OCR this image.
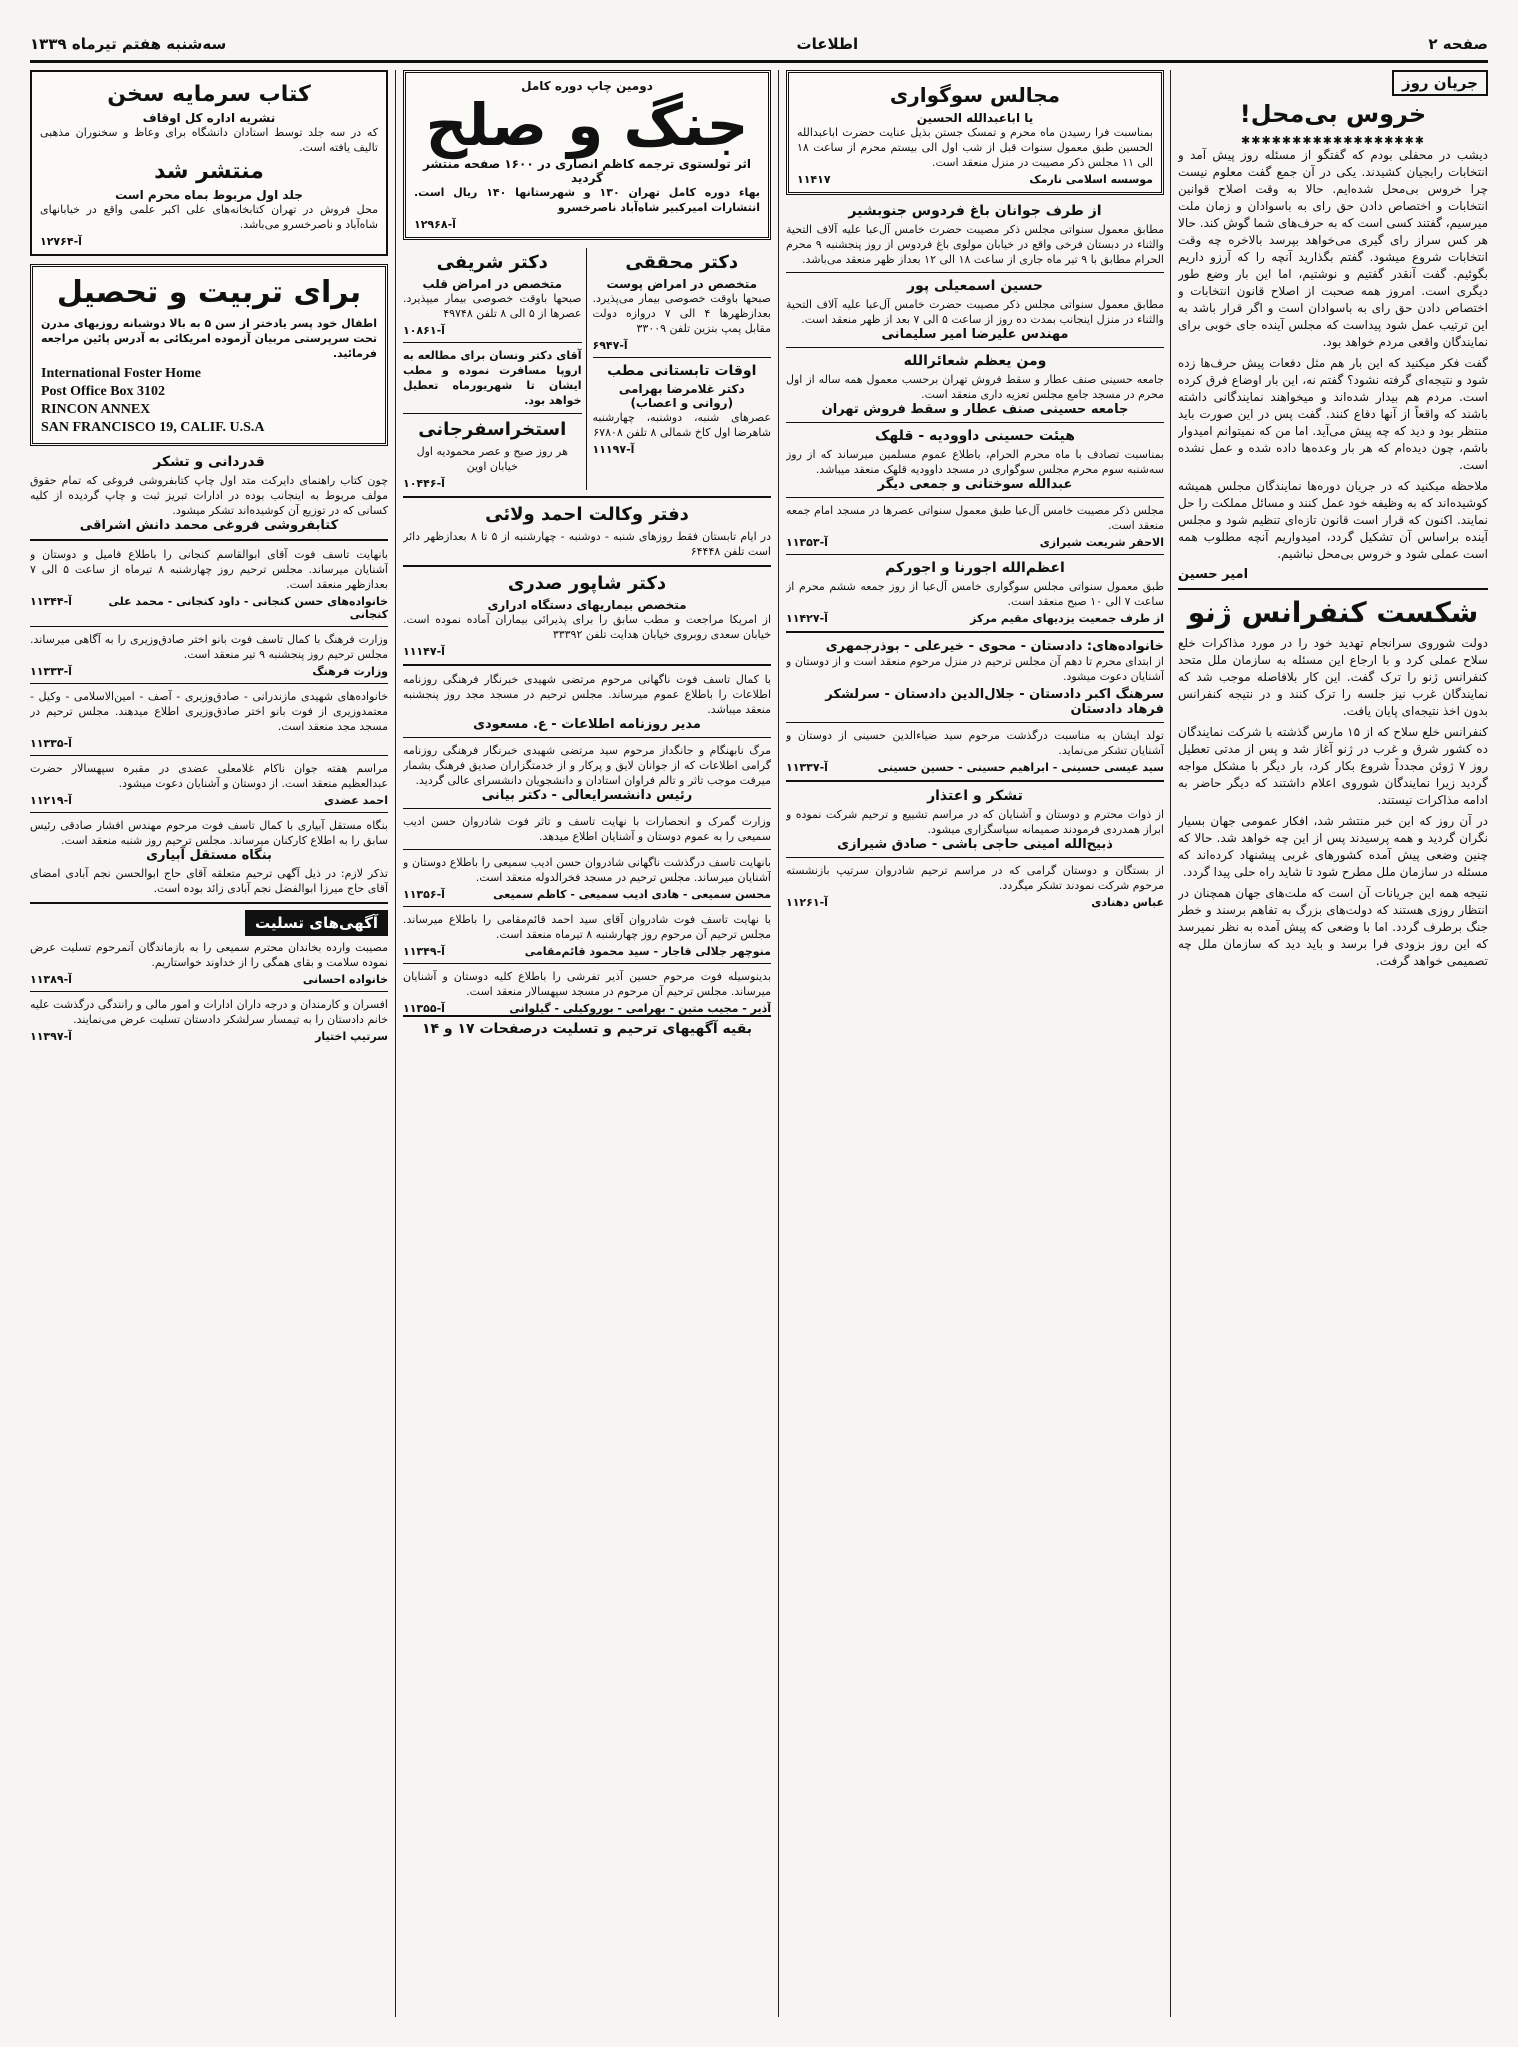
صفحه ۲
اطلاعات
سه‌شنبه هفتم تیرماه ۱۳۳۹
جریان روز
خروس بی‌محل!
✱✱✱✱✱✱✱✱✱✱✱✱✱✱✱✱✱✱
دیشب در محفلی بودم که گفتگو از مسئله روز پیش آمد و انتخابات رابجیان کشیدند. یکی در آن جمع گفت معلوم نیست چرا خروس بی‌محل شده‌ایم. حالا به وقت اصلاح قوانین انتخابات و اختصاص دادن حق رای به باسوادان و زمان ملت میرسیم، گفتند کسی است که به حرف‌های شما گوش کند. حالا هر کس سراز رای گیری می‌خواهد بپرسد بالاخره چه وقت انتخابات شروع میشود. گفتم بگذارید آنچه را که آرزو داریم بگوئیم. گفت آنقدر گفتیم و نوشتیم، اما این بار وضع طور دیگری است. امروز همه صحبت از اصلاح قانون انتخابات و اختصاص دادن حق رای به باسوادان است و اگر قرار باشد به این ترتیب عمل شود پیداست که مجلس آینده جای خوبی برای نمایندگان واقعی مردم خواهد بود.
گفت فکر میکنید که این بار هم مثل دفعات پیش حرف‌ها زده شود و نتیجه‌ای گرفته نشود؟ گفتم نه، این بار اوضاع فرق کرده است. مردم هم بیدار شده‌اند و میخواهند نمایندگانی داشته باشند که واقعاً از آنها دفاع کنند. گفت پس در این صورت باید منتظر بود و دید که چه پیش می‌آید. اما من که نمیتوانم امیدوار باشم، چون دیده‌ام که هر بار وعده‌ها داده شده و عمل نشده است.
ملاحظه میکنید که در جریان دوره‌ها نمایندگان مجلس همیشه کوشیده‌اند که به وظیفه خود عمل کنند و مسائل مملکت را حل نمایند. اکنون که قرار است قانون تازه‌ای تنظیم شود و مجلس آینده براساس آن تشکیل گردد، امیدواریم آنچه مطلوب همه است عملی شود و خروس بی‌محل نباشیم.
امیر حسین
شکست کنفرانس ژنو
دولت شوروی سرانجام تهدید خود را در مورد مذاکرات خلع سلاح عملی کرد و با ارجاع این مسئله به سازمان ملل متحد کنفرانس ژنو را ترک گفت. این کار بلافاصله موجب شد که نمایندگان غرب نیز جلسه را ترک کنند و در نتیجه کنفرانس بدون اخذ نتیجه‌ای پایان یافت.
کنفرانس خلع سلاح که از ۱۵ مارس گذشته با شرکت نمایندگان ده کشور شرق و غرب در ژنو آغاز شد و پس از مدتی تعطیل روز ۷ ژوئن مجدداً شروع بکار کرد، بار دیگر با مشکل مواجه گردید زیرا نمایندگان شوروی اعلام داشتند که دیگر حاضر به ادامه مذاکرات نیستند.
در آن روز که این خبر منتشر شد، افکار عمومی جهان بسیار نگران گردید و همه پرسیدند پس از این چه خواهد شد. حالا که چنین وضعی پیش آمده کشورهای غربی پیشنهاد کرده‌اند که مسئله در سازمان ملل مطرح شود تا شاید راه حلی پیدا گردد.
نتیجه همه این جریانات آن است که ملت‌های جهان همچنان در انتظار روزی هستند که دولت‌های بزرگ به تفاهم برسند و خطر جنگ برطرف گردد. اما با وضعی که پیش آمده به نظر نمیرسد که این روز بزودی فرا برسد و باید دید که سازمان ملل چه تصمیمی خواهد گرفت.
مجالس سوگواری
یا اباعبدالله الحسین
بمناسبت فرا رسیدن ماه محرم و تمسک جستن بذیل عنایت حضرت اباعبدالله الحسین طبق معمول سنوات قبل از شب اول الی بیستم محرم از ساعت ۱۸ الی ۱۱ مجلس ذکر مصیبت در منزل منعقد است.
موسسه اسلامی نارمک
۱۱۴۱۷
از طرف جوانان باغ فردوس جنوبشیر
مطابق معمول سنواتی مجلس ذکر مصیبت حضرت خامس آل‌عبا علیه آلاف التحیة والثناء در دبستان فرخی واقع در خیابان مولوی باغ فردوس از روز پنجشنبه ۹ محرم الحرام مطابق با ۹ تیر ماه جاری از ساعت ۱۸ الی ۱۲ بعداز ظهر منعقد می‌باشد.
حسین اسمعیلی پور
مطابق معمول سنواتی مجلس ذکر مصیبت حضرت خامس آل‌عبا علیه آلاف التحیة والثناء در منزل اینجانب بمدت ده روز از ساعت ۵ الی ۷ بعد از ظهر منعقد است.
مهندس علیرضا امیر سلیمانی
ومن یعظم شعائرالله
جامعه حسینی صنف عطار و سقط فروش تهران برحسب معمول همه ساله از اول محرم در مسجد جامع مجلس تعزیه داری منعقد است.
جامعه حسینی صنف عطار و سقط فروش تهران
هیئت حسینی داوودیه - قلهک
بمناسبت تصادف با ماه محرم الحرام، باطلاع عموم مسلمین میرساند که از روز سه‌شنبه سوم محرم مجلس سوگواری در مسجد داوودیه قلهک منعقد میباشد.
عبدالله سوختانی و جمعی دیگر
مجلس ذکر مصیبت خامس آل‌عبا طبق معمول سنواتی عصرها در مسجد امام جمعه منعقد است.
الاحقر شریعت شیرازی
آ-۱۱۳۵۳
اعظم‌الله اجورنا و اجورکم
طبق معمول سنواتی مجلس سوگواری خامس آل‌عبا از روز جمعه ششم محرم از ساعت ۷ الی ۱۰ صبح منعقد است.
از طرف جمعیت یزدیهای مقیم مرکز
آ-۱۱۴۲۷
خانواده‌های: دادستان - محوی - خیرعلی - بوذرجمهری
از ابتدای محرم تا دهم آن مجلس ترحیم در منزل مرحوم منعقد است و از دوستان و آشنایان دعوت میشود.
سرهنگ اکبر دادستان - جلال‌الدین دادستان - سرلشکر فرهاد دادستان
تولد ایشان به مناسبت درگذشت مرحوم سید ضیاءالدین حسینی از دوستان و آشنایان تشکر می‌نماید.
سید عیسی حسینی - ابراهیم حسینی - حسین حسینی
آ-۱۱۳۳۷
تشکر و اعتذار
از ذوات محترم و دوستان و آشنایان که در مراسم تشییع و ترحیم شرکت نموده و ابراز همدردی فرمودند صمیمانه سپاسگزاری میشود.
ذبیح‌الله امینی حاجی باشی - صادق شیرازی
از بستگان و دوستان گرامی که در مراسم ترحیم شادروان سرتیپ بازنشسته مرحوم شرکت نمودند تشکر میگردد.
عباس دهنادی
آ-۱۱۲۶۱
دومین چاپ دوره کامل
جنگ و صلح
اثر تولستوی ترجمه کاظم انصاری در ۱۶۰۰ صفحه منتشر گردید
بهاء دوره کامل تهران ۱۳۰ و شهرستانها ۱۴۰ ریال است. انتشارات امیرکبیر شاه‌آباد ناصرخسرو
آ-۱۲۹۶۸
دکتر محققی
متخصص در امراض پوست
صبحها باوقت خصوصی بیمار می‌پذیرد. بعدازظهرها ۴ الی ۷ دروازه دولت مقابل پمپ بنزین تلفن ۳۳۰۰۹
آ-۶۹۴۷
اوقات تابستانی مطب
دکتر غلامرضا بهرامی
(روانی و اعصاب)
عصرهای شنبه، دوشنبه، چهارشنبه شاهرضا اول کاخ شمالی ۸ تلفن ۶۷۸۰۸
آ-۱۱۱۹۷
دکتر شریفی
متخصص در امراض قلب
صبحها باوقت خصوصی بیمار میپذیرد. عصرها از ۵ الی ۸ تلفن ۴۹۷۴۸
آ-۱۰۸۶۱
آقای دکتر ونسان برای مطالعه به اروپا مسافرت نموده و مطب ایشان تا شهریورماه تعطیل خواهد بود.
استخراسفرجانی
هر روز صبح و عصر محمودیه اول خیابان اوین
آ-۱۰۴۴۶
دفتر وکالت احمد ولائی
در ایام تابستان فقط روزهای شنبه - دوشنبه - چهارشنبه از ۵ تا ۸ بعدازظهر دائر است تلفن ۶۴۴۴۸
دکتر شاپور صدری
متخصص بیماریهای دستگاه ادراری
از امریکا مراجعت و مطب سابق را برای پذیرائی بیماران آماده نموده است. خیابان سعدی روبروی خیابان هدایت تلفن ۳۳۳۹۲
آ-۱۱۱۴۷
با کمال تاسف فوت ناگهانی مرحوم مرتضی شهیدی خبرنگار فرهنگی روزنامه اطلاعات را باطلاع عموم میرساند. مجلس ترحیم در مسجد مجد روز پنجشنبه منعقد میباشد.
مدیر روزنامه اطلاعات - ع. مسعودی
مرگ نابهنگام و جانگداز مرحوم سید مرتضی شهیدی خبرنگار فرهنگی روزنامه گرامی اطلاعات که از جوانان لایق و پرکار و از خدمتگزاران صدیق فرهنگ بشمار میرفت موجب تاثر و تالم فراوان استادان و دانشجویان دانشسرای عالی گردید.
رئیس دانشسرایعالی - دکتر بیانی
وزارت گمرک و انحصارات با نهایت تاسف و تاثر فوت شادروان حسن ادیب سمیعی را به عموم دوستان و آشنایان اطلاع میدهد.
بانهایت تاسف درگذشت ناگهانی شادروان حسن ادیب سمیعی را باطلاع دوستان و آشنایان میرساند. مجلس ترحیم در مسجد فخرالدوله منعقد است.
محسن سمیعی - هادی ادیب سمیعی - کاظم سمیعی
آ-۱۱۳۵۶
با نهایت تاسف فوت شادروان آقای سید احمد قائم‌مقامی را باطلاع میرساند. مجلس ترحیم آن مرحوم روز چهارشنبه ۸ تیرماه منعقد است.
منوچهر جلالی قاجار - سید محمود قائم‌مقامی
آ-۱۱۳۴۹
بدینوسیله فوت مرحوم حسین آذیر تفرشی را باطلاع کلیه دوستان و آشنایان میرساند. مجلس ترحیم آن مرحوم در مسجد سپهسالار منعقد است.
آذیر - مجیب متین - بهرامی - بوروکیلی - گیلوانی
آ-۱۱۳۵۵
بقیه آگهیهای ترحیم و تسلیت درصفحات ۱۷ و ۱۴
کتاب سرمایه سخن
نشریه اداره کل اوقاف
که در سه جلد توسط استادان دانشگاه برای وعاظ و سخنوران مذهبی تالیف یافته است.
منتشر شد
جلد اول مربوط بماه محرم است
محل فروش در تهران کتابخانه‌های علی اکبر علمی واقع در خیابانهای شاه‌آباد و ناصرخسرو می‌باشد.
آ-۱۲۷۶۴
برای تربیت و تحصیل
اطفال خود پسر یادختر از سن ۵ به بالا دوشبانه روزیهای مدرن تحت سرپرستی مربیان آزموده امریکائی به آدرس پائین مراجعه فرمائید.
International Foster Home
Post Office Box 3102
RINCON ANNEX
SAN FRANCISCO 19, CALIF. U.S.A
قدردانی و تشکر
چون کتاب راهنمای دایرکت متد اول چاپ کتابفروشی فروغی که تمام حقوق مولف مربوط به اینجانب بوده در ادارات تبریز ثبت و چاپ گردیده از کلیه کسانی که در توزیع آن کوشیده‌اند تشکر میشود.
کتابفروشی فروغی محمد دانش اشراقی
بانهایت تاسف فوت آقای ابوالقاسم کنجانی را باطلاع فامیل و دوستان و آشنایان میرساند. مجلس ترحیم روز چهارشنبه ۸ تیرماه از ساعت ۵ الی ۷ بعدازظهر منعقد است.
خانواده‌های حسن کنجانی - داود کنجانی - محمد علی کنجانی
آ-۱۱۳۴۴
وزارت فرهنگ با کمال تاسف فوت بانو اختر صادق‌وزیری را به آگاهی میرساند. مجلس ترحیم روز پنجشنبه ۹ تیر منعقد است.
وزارت فرهنگ
آ-۱۱۳۳۳
خانواده‌های شهیدی مازندرانی - صادق‌وزیری - آصف - امین‌الاسلامی - وکیل - معتمدوزیری از فوت بانو اختر صادق‌وزیری اطلاع میدهند. مجلس ترحیم در مسجد مجد منعقد است.
آ-۱۱۳۳۵
مراسم هفته جوان ناکام غلامعلی عضدی در مقبره سپهسالار حضرت عبدالعظیم منعقد است. از دوستان و آشنایان دعوت میشود.
احمد عضدی
آ-۱۱۲۱۹
بنگاه مستقل آبیاری با کمال تاسف فوت مرحوم مهندس افشار صادقی رئیس سابق را به اطلاع کارکنان میرساند. مجلس ترحیم روز شنبه منعقد است.
بنگاه مستقل آبیاری
تذکر لازم: در ذیل آگهی ترحیم متعلقه آقای حاج ابوالحسن نجم آبادی امضای آقای حاج میرزا ابوالفضل نجم آبادی زائد بوده است.
آگهی‌های تسلیت
مصیبت وارده بخاندان محترم سمیعی را به بازماندگان آنمرحوم تسلیت عرض نموده سلامت و بقای همگی را از خداوند خواستاریم.
خانواده احسانی
آ-۱۱۳۸۹
افسران و کارمندان و درجه داران ادارات و امور مالی و رانندگی درگذشت علیه خانم دادستان را به تیمسار سرلشکر دادستان تسلیت عرض می‌نمایند.
سرتیپ اختیار
آ-۱۱۳۹۷
